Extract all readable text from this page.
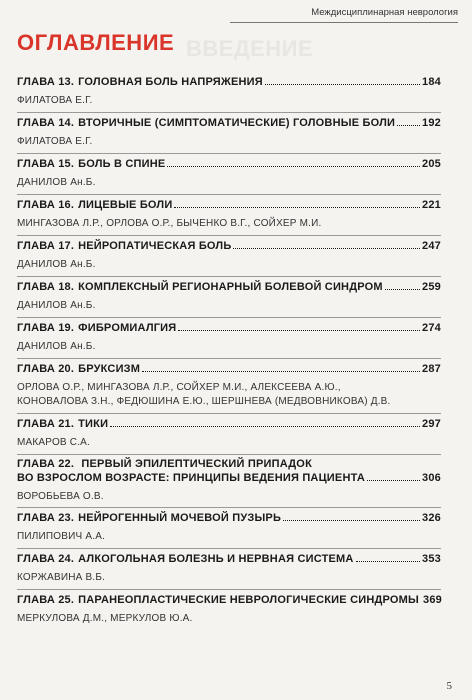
Междисциплинарная неврология
ВВЕДЕНИЕ
ОГЛАВЛЕНИЕ
ГЛАВА 13. ГОЛОВНАЯ БОЛЬ НАПРЯЖЕНИЯ	184
ФИЛАТОВА Е.Г.
ГЛАВА 14. ВТОРИЧНЫЕ (СИМПТОМАТИЧЕСКИЕ) ГОЛОВНЫЕ БОЛИ 192
ФИЛАТОВА Е.Г.
ГЛАВА 15. БОЛЬ В СПИНЕ	205
ДАНИЛОВ Ан.Б.
ГЛАВА 16. ЛИЦЕВЫЕ БОЛИ	221
МИНГАЗОВА Л.Р., ОРЛОВА О.Р., БЫЧЕНКО В.Г., СОЙХЕР М.И.
ГЛАВА 17. НЕЙРОПАТИЧЕСКАЯ БОЛЬ	247
ДАНИЛОВ Ан.Б.
ГЛАВА 18. КОМПЛЕКСНЫЙ РЕГИОНАРНЫЙ БОЛЕВОЙ СИНДРОМ	259
ДАНИЛОВ Ан.Б.
ГЛАВА 19. ФИБРОМИАЛГИЯ	274
ДАНИЛОВ Ан.Б.
ГЛАВА 20. БРУКСИЗМ	287
ОРЛОВА О.Р., МИНГАЗОВА Л.Р., СОЙХЕР М.И., АЛЕКСЕЕВА А.Ю.,
КОНОВАЛОВА З.Н., ФЕДЮШИНА Е.Ю., ШЕРШНЕВА (МЕДВОВНИКОВА) Д.В.
ГЛАВА 21. ТИКИ	297
МАКАРОВ С.А.
ГЛАВА 22. ПЕРВЫЙ ЭПИЛЕПТИЧЕСКИЙ ПРИПАДОК
ВО ВЗРОСЛОМ ВОЗРАСТЕ: ПРИНЦИПЫ ВЕДЕНИЯ ПАЦИЕНТА	306
ВОРОБЬЕВА О.В.
ГЛАВА 23. НЕЙРОГЕННЫЙ МОЧЕВОЙ ПУЗЫРЬ	326
ПИЛИПОВИЧ А.А.
ГЛАВА 24. АЛКОГОЛЬНАЯ БОЛЕЗНЬ И НЕРВНАЯ СИСТЕМА	353
КОРЖАВИНА В.Б.
ГЛАВА 25. ПАРАНЕОПЛАСТИЧЕСКИЕ НЕВРОЛОГИЧЕСКИЕ СИНДРОМЫ 369
МЕРКУЛОВА Д.М., МЕРКУЛОВ Ю.А.
5
